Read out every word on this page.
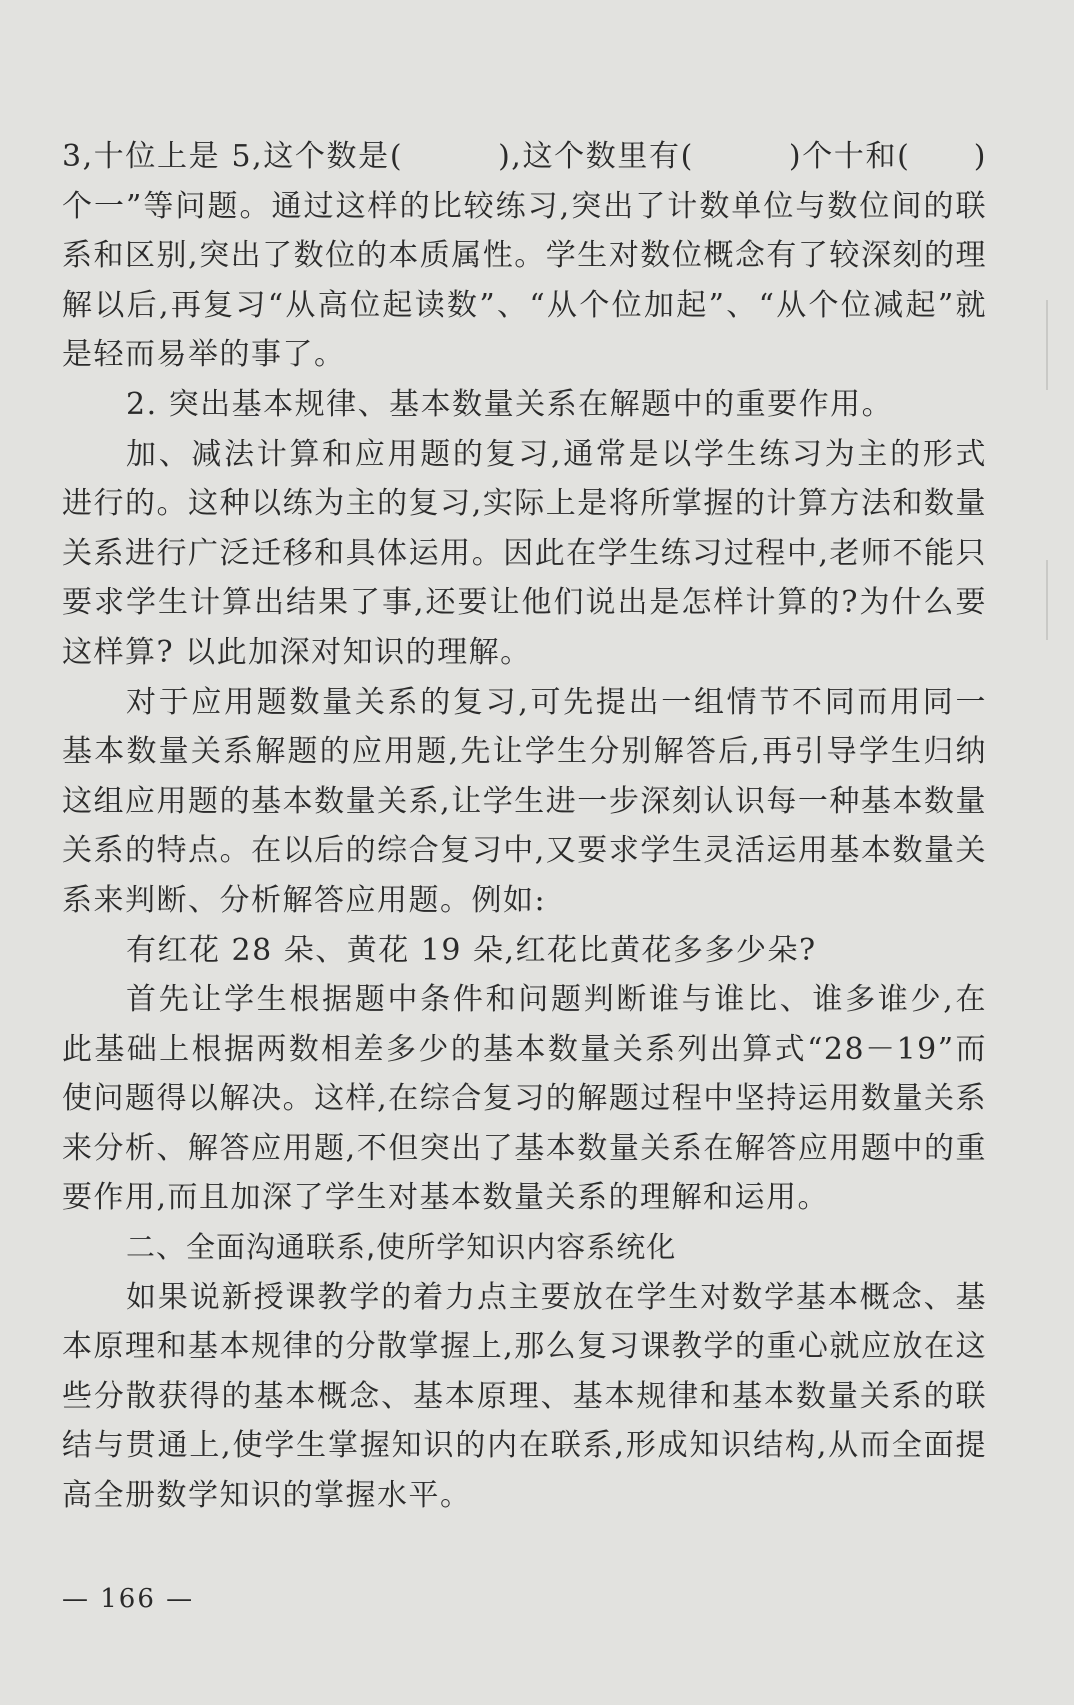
3,十位上是 5,这个数是(　　　),这个数里有(　　　)个十和(　　)个一”等问题。通过这样的比较练习,突出了计数单位与数位间的联系和区别,突出了数位的本质属性。学生对数位概念有了较深刻的理解以后,再复习“从高位起读数”、“从个位加起”、“从个位减起”就是轻而易举的事了。

2. 突出基本规律、基本数量关系在解题中的重要作用。

加、减法计算和应用题的复习,通常是以学生练习为主的形式进行的。这种以练为主的复习,实际上是将所掌握的计算方法和数量关系进行广泛迁移和具体运用。因此在学生练习过程中,老师不能只要求学生计算出结果了事,还要让他们说出是怎样计算的?为什么要这样算? 以此加深对知识的理解。

对于应用题数量关系的复习,可先提出一组情节不同而用同一基本数量关系解题的应用题,先让学生分别解答后,再引导学生归纳这组应用题的基本数量关系,让学生进一步深刻认识每一种基本数量关系的特点。在以后的综合复习中,又要求学生灵活运用基本数量关系来判断、分析解答应用题。例如:

有红花 28 朵、黄花 19 朵,红花比黄花多多少朵?

首先让学生根据题中条件和问题判断谁与谁比、谁多谁少,在此基础上根据两数相差多少的基本数量关系列出算式“28－19”而使问题得以解决。这样,在综合复习的解题过程中坚持运用数量关系来分析、解答应用题,不但突出了基本数量关系在解答应用题中的重要作用,而且加深了学生对基本数量关系的理解和运用。

二、全面沟通联系,使所学知识内容系统化

如果说新授课教学的着力点主要放在学生对数学基本概念、基本原理和基本规律的分散掌握上,那么复习课教学的重心就应放在这些分散获得的基本概念、基本原理、基本规律和基本数量关系的联结与贯通上,使学生掌握知识的内在联系,形成知识结构,从而全面提高全册数学知识的掌握水平。

— 166 —
